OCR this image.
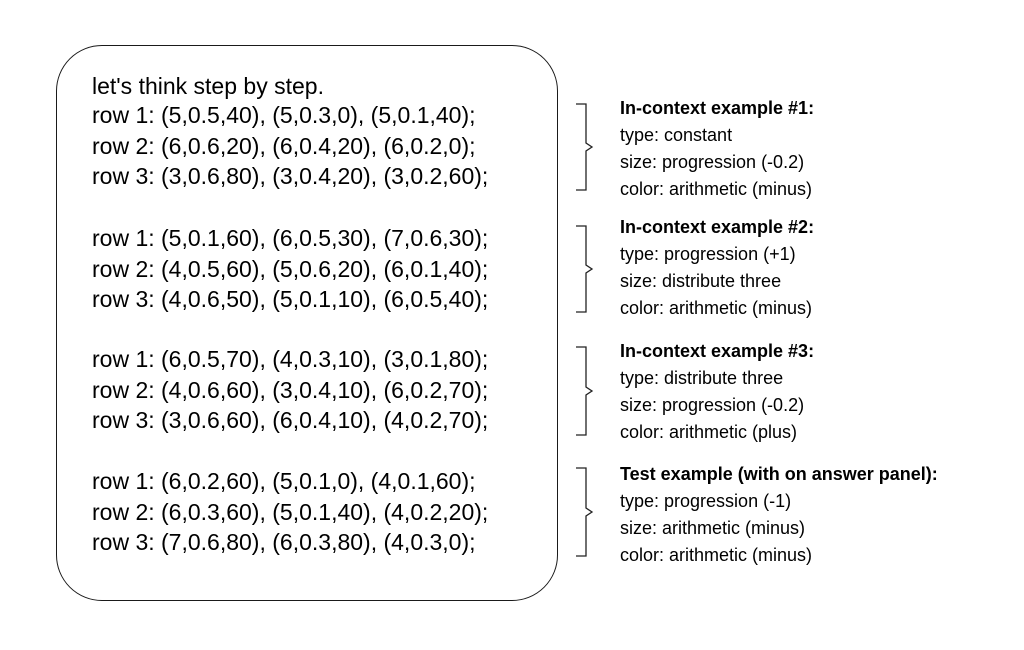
let's think step by step.
row 1: (5,0.5,40), (5,0.3,0), (5,0.1,40);
row 2: (6,0.6,20), (6,0.4,20), (6,0.2,0);
row 3: (3,0.6,80), (3,0.4,20), (3,0.2,60);
In-context example #1:
type: constant
size: progression (-0.2)
color: arithmetic (minus)
row 1: (5,0.1,60), (6,0.5,30), (7,0.6,30);
row 2: (4,0.5,60), (5,0.6,20), (6,0.1,40);
row 3: (4,0.6,50), (5,0.1,10), (6,0.5,40);
In-context example #2:
type: progression (+1)
size: distribute three
color: arithmetic (minus)
row 1: (6,0.5,70), (4,0.3,10), (3,0.1,80);
row 2: (4,0.6,60), (3,0.4,10), (6,0.2,70);
row 3: (3,0.6,60), (6,0.4,10), (4,0.2,70);
In-context example #3:
type: distribute three
size: progression (-0.2)
color: arithmetic (plus)
row 1: (6,0.2,60), (5,0.1,0), (4,0.1,60);
row 2: (6,0.3,60), (5,0.1,40), (4,0.2,20);
row 3: (7,0.6,80), (6,0.3,80), (4,0.3,0);
Test example (with on answer panel):
type: progression (-1)
size: arithmetic (minus)
color: arithmetic (minus)
